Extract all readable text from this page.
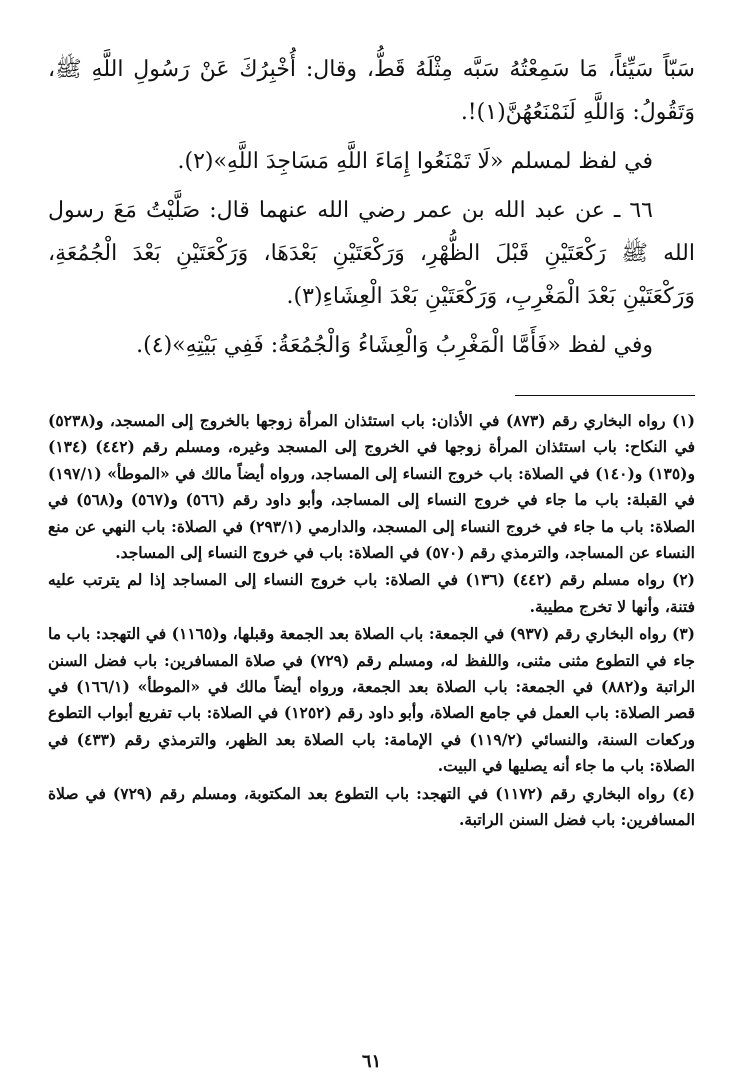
سَبّاً سَيِّئاً، مَا سَمِعْتُهُ سَبَّه مِثْلَهُ قَطُّ، وقال: أُخْبِرُكَ عَنْ رَسُولِ اللَّهِ ﷺ، وَتَقُولُ: وَاللَّهِ لَنَمْنَعُهُنَّ(١)!.

في لفظ لمسلم «لَا تَمْنَعُوا إِمَاءَ اللَّهِ مَسَاجِدَ اللَّهِ»(٢).

٦٦ ـ عن عبد الله بن عمر رضي الله عنهما قال: صَلَّيْتُ مَعَ رسول الله ﷺ رَكْعَتَيْنِ قَبْلَ الظُّهْرِ، وَرَكْعَتَيْنِ بَعْدَهَا، وَرَكْعَتَيْنِ بَعْدَ الْجُمُعَةِ، وَرَكْعَتَيْنِ بَعْدَ الْمَغْرِبِ، وَرَكْعَتَيْنِ بَعْدَ الْعِشَاءِ(٣).

وفي لفظ «فَأَمَّا الْمَغْرِبُ وَالْعِشَاءُ وَالْجُمُعَةُ: فَفِي بَيْتِهِ»(٤).

(١) رواه البخاري رقم (٨٧٣) في الأذان: باب استئذان المرأة زوجها بالخروج إلى المسجد، و(٥٢٣٨) في النكاح: باب استئذان المرأة زوجها في الخروج إلى المسجد وغيره، ومسلم رقم (٤٤٢) (١٣٤) و(١٣٥) و(١٤٠) في الصلاة: باب خروج النساء إلى المساجد، ورواه أيضاً مالك في «الموطأ» (١٩٧/١) في القبلة: باب ما جاء في خروج النساء إلى المساجد، وأبو داود رقم (٥٦٦) و(٥٦٧) و(٥٦٨) في الصلاة: باب ما جاء في خروج النساء إلى المسجد، والدارمي (٢٩٣/١) في الصلاة: باب النهي عن منع النساء عن المساجد، والترمذي رقم (٥٧٠) في الصلاة: باب في خروج النساء إلى المساجد.

(٢) رواه مسلم رقم (٤٤٢) (١٣٦) في الصلاة: باب خروج النساء إلى المساجد إذا لم يترتب عليه فتنة، وأنها لا تخرج مطيبة.

(٣) رواه البخاري رقم (٩٣٧) في الجمعة: باب الصلاة بعد الجمعة وقبلها، و(١١٦٥) في التهجد: باب ما جاء في التطوع مثنى مثنى، واللفظ له، ومسلم رقم (٧٢٩) في صلاة المسافرين: باب فضل السنن الراتبة و(٨٨٢) في الجمعة: باب الصلاة بعد الجمعة، ورواه أيضاً مالك في «الموطأ» (١٦٦/١) في قصر الصلاة: باب العمل في جامع الصلاة، وأبو داود رقم (١٢٥٢) في الصلاة: باب تفريع أبواب التطوع وركعات السنة، والنسائي (١١٩/٢) في الإمامة: باب الصلاة بعد الظهر، والترمذي رقم (٤٣٣) في الصلاة: باب ما جاء أنه يصليها في البيت.

(٤) رواه البخاري رقم (١١٧٢) في التهجد: باب التطوع بعد المكتوبة، ومسلم رقم (٧٢٩) في صلاة المسافرين: باب فضل السنن الراتبة.

٦١
